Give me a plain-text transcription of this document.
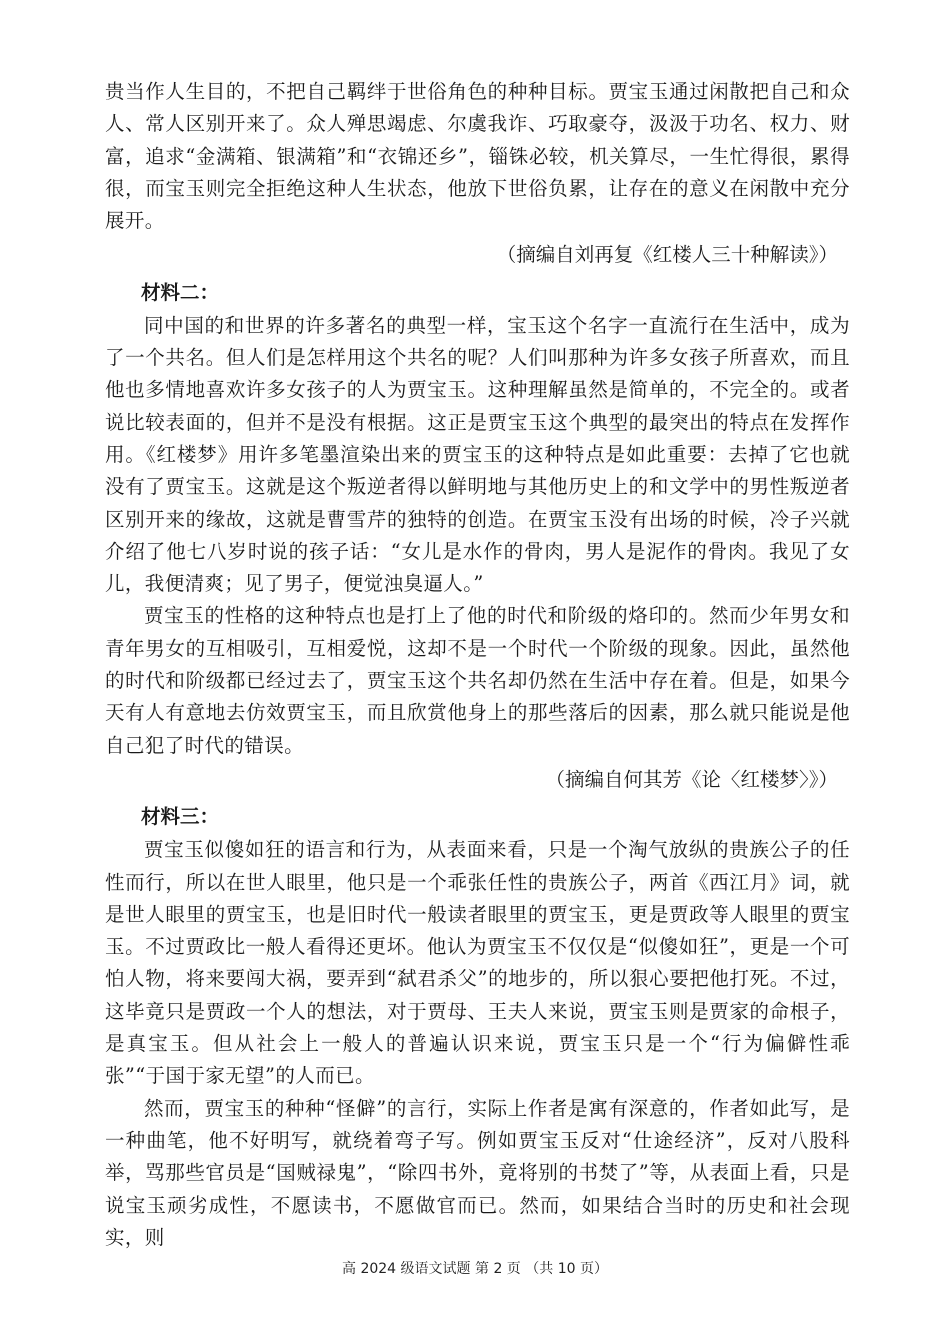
贵当作人生目的，不把自己羁绊于世俗角色的种种目标。贾宝玉通过闲散把自己和众人、常人区别开来了。众人殚思竭虑、尔虞我诈、巧取豪夺，汲汲于功名、权力、财富，追求“金满箱、银满箱”和“衣锦还乡”，锱铢必较，机关算尽，一生忙得很，累得很，而宝玉则完全拒绝这种人生状态，他放下世俗负累，让存在的意义在闲散中充分展开。

（摘编自刘再复《红楼人三十种解读》）

材料二：

同中国的和世界的许多著名的典型一样，宝玉这个名字一直流行在生活中，成为了一个共名。但人们是怎样用这个共名的呢？人们叫那种为许多女孩子所喜欢，而且他也多情地喜欢许多女孩子的人为贾宝玉。这种理解虽然是简单的，不完全的。或者说比较表面的，但并不是没有根据。这正是贾宝玉这个典型的最突出的特点在发挥作用。《红楼梦》用许多笔墨渲染出来的贾宝玉的这种特点是如此重要：去掉了它也就没有了贾宝玉。这就是这个叛逆者得以鲜明地与其他历史上的和文学中的男性叛逆者区别开来的缘故，这就是曹雪芹的独特的创造。在贾宝玉没有出场的时候，冷子兴就介绍了他七八岁时说的孩子话：“女儿是水作的骨肉，男人是泥作的骨肉。我见了女儿，我便清爽；见了男子，便觉浊臭逼人。”

贾宝玉的性格的这种特点也是打上了他的时代和阶级的烙印的。然而少年男女和青年男女的互相吸引，互相爱悦，这却不是一个时代一个阶级的现象。因此，虽然他的时代和阶级都已经过去了，贾宝玉这个共名却仍然在生活中存在着。但是，如果今天有人有意地去仿效贾宝玉，而且欣赏他身上的那些落后的因素，那么就只能说是他自己犯了时代的错误。

（摘编自何其芳《论〈红楼梦〉》）

材料三：

贾宝玉似傻如狂的语言和行为，从表面来看，只是一个淘气放纵的贵族公子的任性而行，所以在世人眼里，他只是一个乖张任性的贵族公子，两首《西江月》词，就是世人眼里的贾宝玉，也是旧时代一般读者眼里的贾宝玉，更是贾政等人眼里的贾宝玉。不过贾政比一般人看得还更坏。他认为贾宝玉不仅仅是“似傻如狂”，更是一个可怕人物，将来要闯大祸，要弄到“弑君杀父”的地步的，所以狠心要把他打死。不过，这毕竟只是贾政一个人的想法，对于贾母、王夫人来说，贾宝玉则是贾家的命根子，是真宝玉。但从社会上一般人的普遍认识来说，贾宝玉只是一个“行为偏僻性乖张”“于国于家无望”的人而已。

然而，贾宝玉的种种“怪僻”的言行，实际上作者是寓有深意的，作者如此写，是一种曲笔，他不好明写，就绕着弯子写。例如贾宝玉反对“仕途经济”，反对八股科举，骂那些官员是“国贼禄鬼”，“除四书外，竟将别的书焚了”等，从表面上看，只是说宝玉顽劣成性，不愿读书，不愿做官而已。然而，如果结合当时的历史和社会现实，则

高 2024 级语文试题 第 2 页 （共 10 页）
